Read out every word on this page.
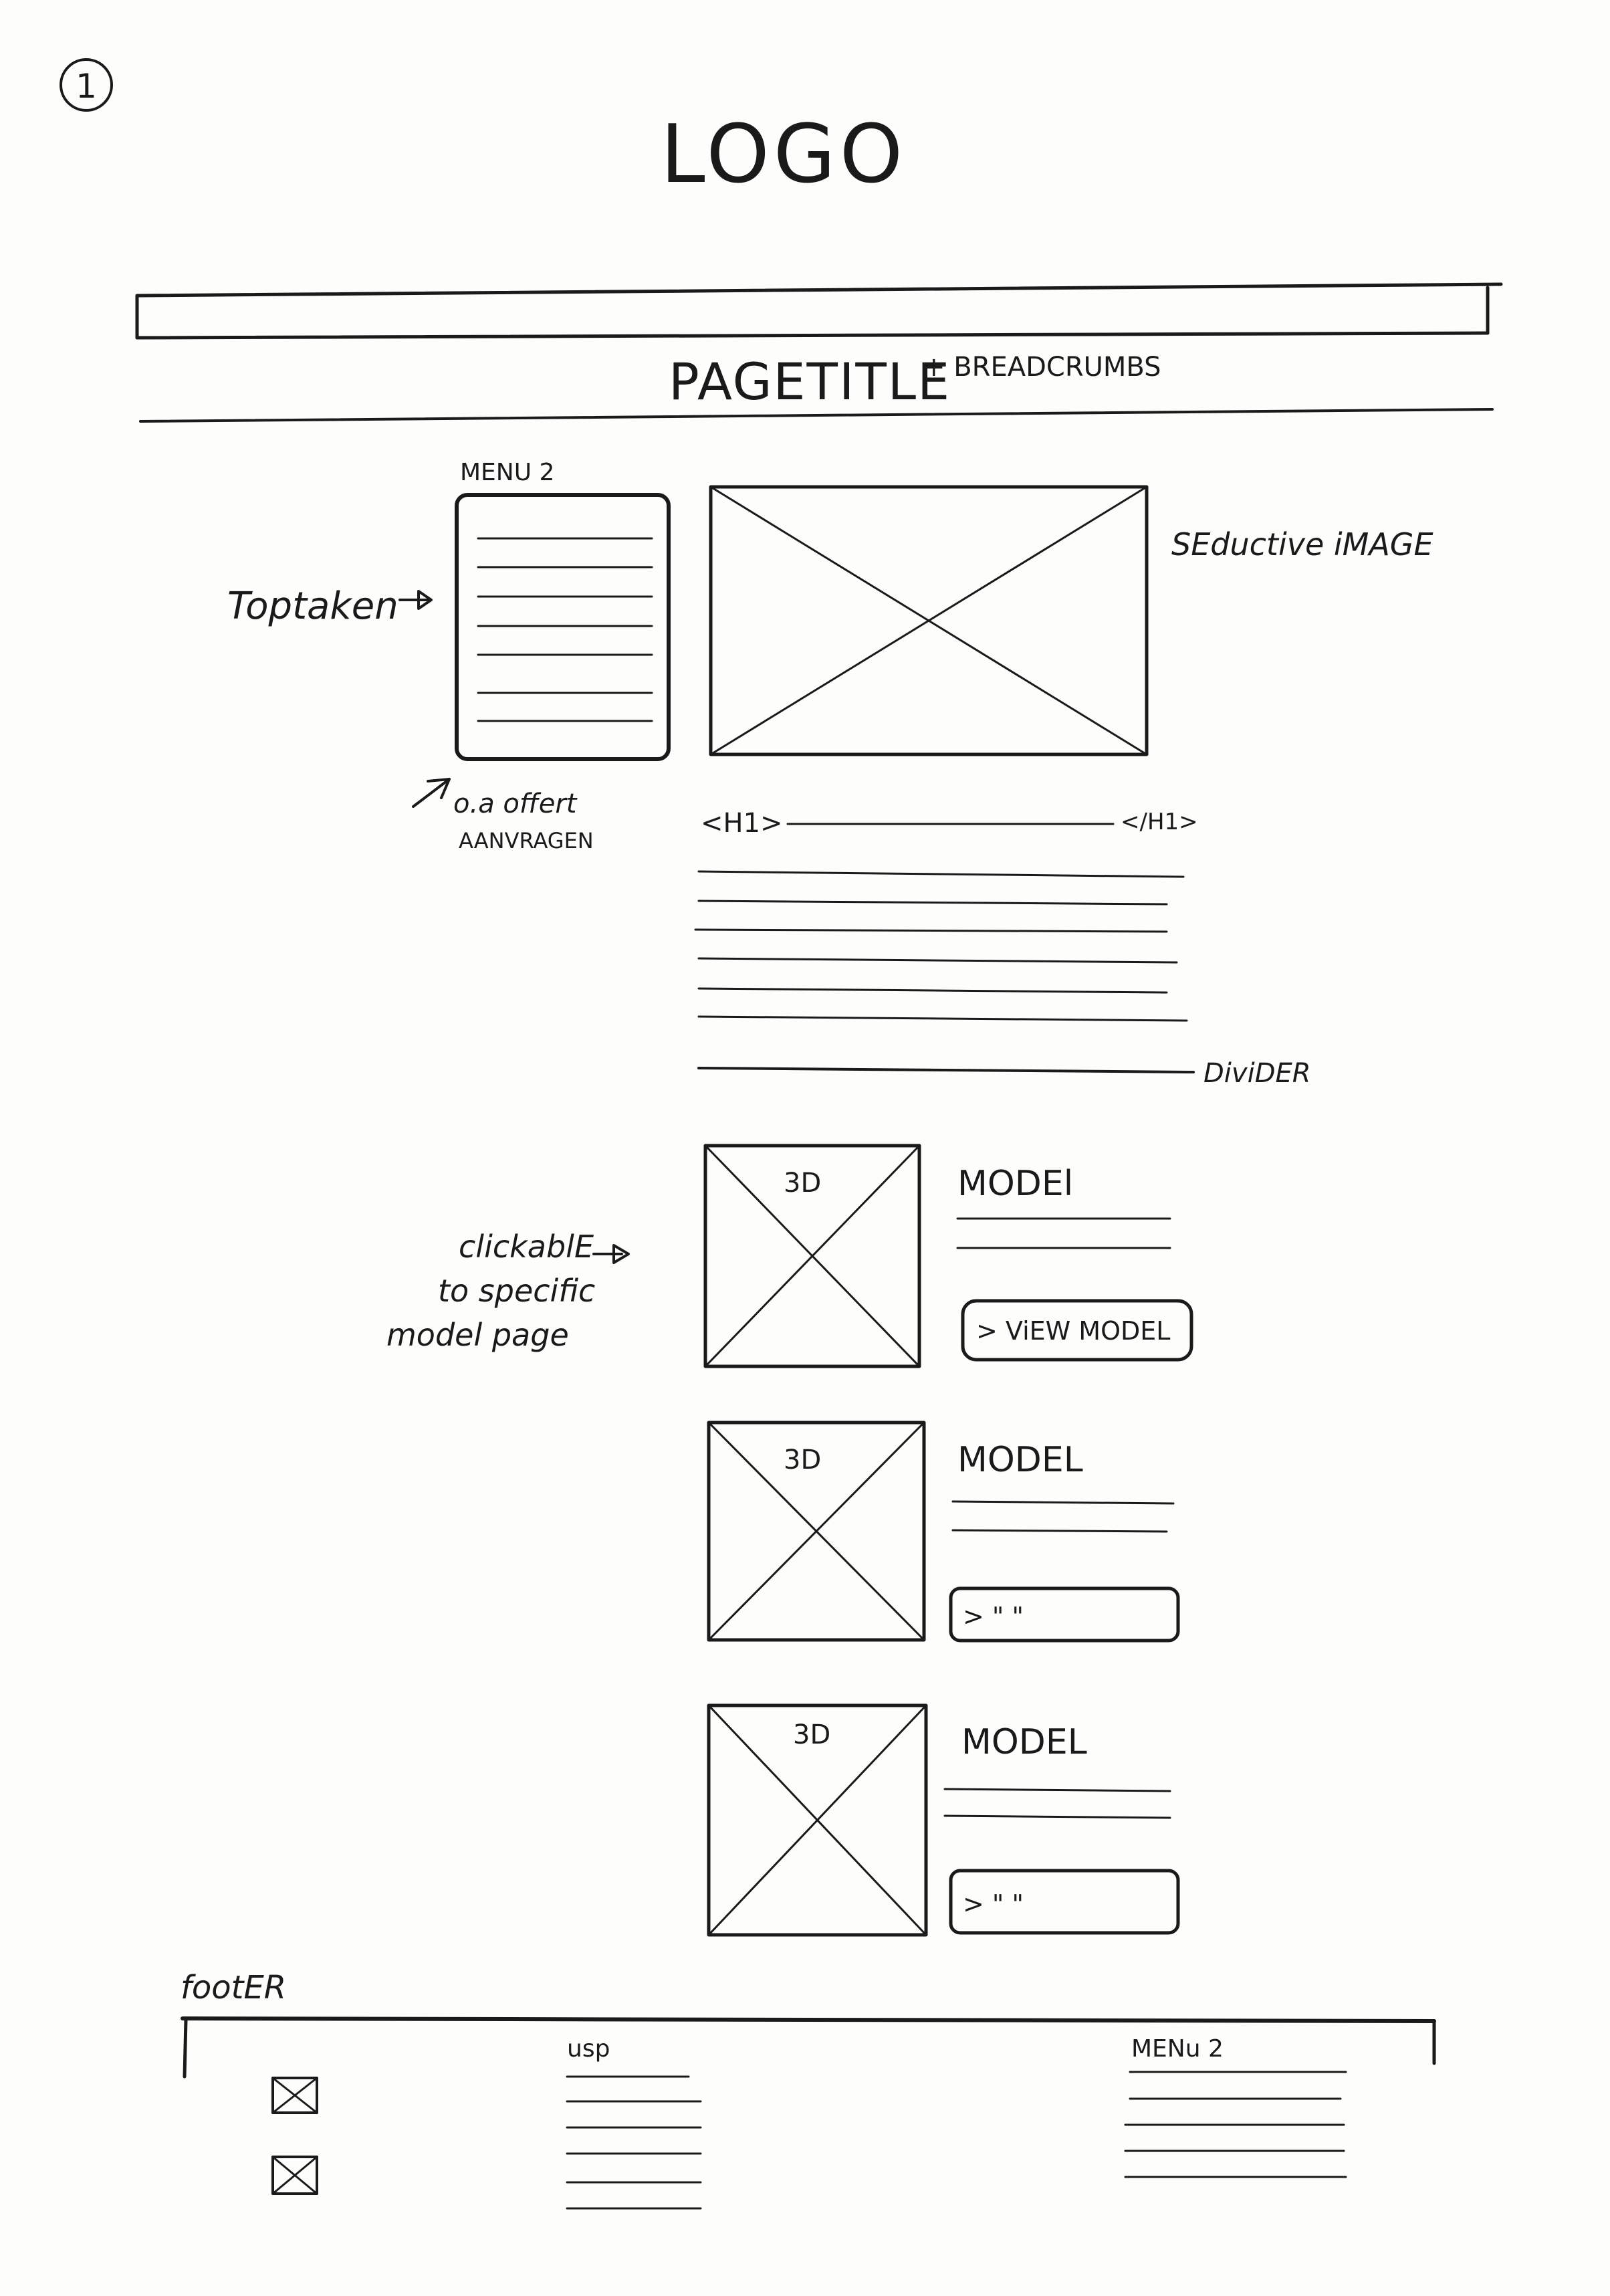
1
LOGO
PAGETITLE
+ BREADCRUMBS
MENU 2
Toptaken
o.a offert
AANVRAGEN
SEductive iMAGE
<H1>	</H1>
DiviDER
clickablE
to specific
model page
3D	MODEl
> ViEW MODEL
3D	MODEL
> " "
3D	MODEL
> " "
footER
usp	MENu 2
